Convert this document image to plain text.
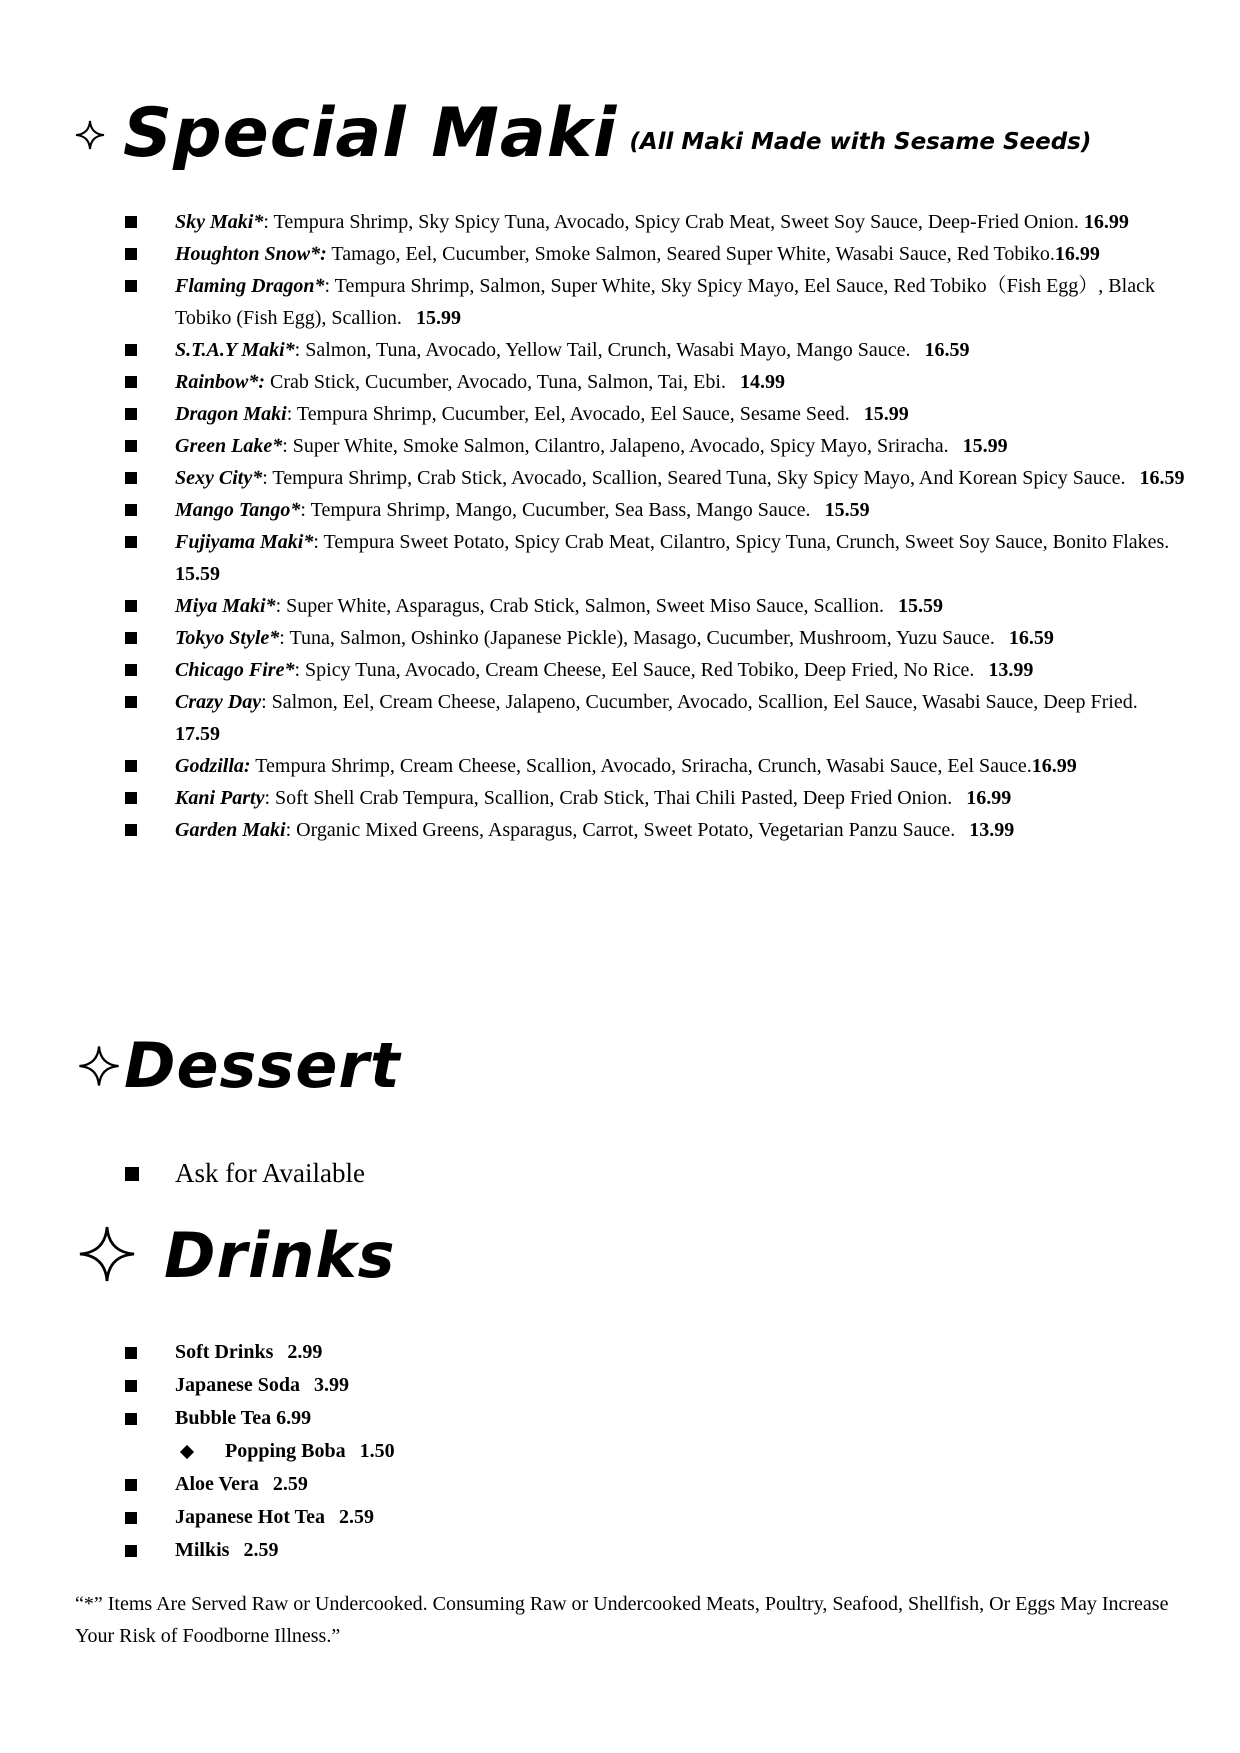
Special Maki (All Maki Made with Sesame Seeds)
Sky Maki*: Tempura Shrimp, Sky Spicy Tuna, Avocado, Spicy Crab Meat, Sweet Soy Sauce, Deep-Fried Onion. 16.99
Houghton Snow*: Tamago, Eel, Cucumber, Smoke Salmon, Seared Super White, Wasabi Sauce, Red Tobiko.16.99
Flaming Dragon*: Tempura Shrimp, Salmon, Super White, Sky Spicy Mayo, Eel Sauce, Red Tobiko（Fish Egg）, Black Tobiko (Fish Egg), Scallion. 15.99
S.T.A.Y Maki*: Salmon, Tuna, Avocado, Yellow Tail, Crunch, Wasabi Mayo, Mango Sauce. 16.59
Rainbow*: Crab Stick, Cucumber, Avocado, Tuna, Salmon, Tai, Ebi. 14.99
Dragon Maki: Tempura Shrimp, Cucumber, Eel, Avocado, Eel Sauce, Sesame Seed. 15.99
Green Lake*: Super White, Smoke Salmon, Cilantro, Jalapeno, Avocado, Spicy Mayo, Sriracha. 15.99
Sexy City*: Tempura Shrimp, Crab Stick, Avocado, Scallion, Seared Tuna, Sky Spicy Mayo, And Korean Spicy Sauce. 16.59
Mango Tango*: Tempura Shrimp, Mango, Cucumber, Sea Bass, Mango Sauce. 15.59
Fujiyama Maki*: Tempura Sweet Potato, Spicy Crab Meat, Cilantro, Spicy Tuna, Crunch, Sweet Soy Sauce, Bonito Flakes.15.59
Miya Maki*: Super White, Asparagus, Crab Stick, Salmon, Sweet Miso Sauce, Scallion. 15.59
Tokyo Style*: Tuna, Salmon, Oshinko (Japanese Pickle), Masago, Cucumber, Mushroom, Yuzu Sauce. 16.59
Chicago Fire*: Spicy Tuna, Avocado, Cream Cheese, Eel Sauce, Red Tobiko, Deep Fried, No Rice. 13.99
Crazy Day: Salmon, Eel, Cream Cheese, Jalapeno, Cucumber, Avocado, Scallion, Eel Sauce, Wasabi Sauce, Deep Fried.17.59
Godzilla: Tempura Shrimp, Cream Cheese, Scallion, Avocado, Sriracha, Crunch, Wasabi Sauce, Eel Sauce.16.99
Kani Party: Soft Shell Crab Tempura, Scallion, Crab Stick, Thai Chili Pasted, Deep Fried Onion. 16.99
Garden Maki: Organic Mixed Greens, Asparagus, Carrot, Sweet Potato, Vegetarian Panzu Sauce. 13.99
Dessert
Ask for Available
Drinks
Soft Drinks 2.99
Japanese Soda 3.99
Bubble Tea 6.99
Popping Boba 1.50
Aloe Vera 2.59
Japanese Hot Tea 2.59
Milkis 2.59
“*” Items Are Served Raw or Undercooked. Consuming Raw or Undercooked Meats, Poultry, Seafood, Shellfish, Or Eggs May Increase Your Risk of Foodborne Illness.”
